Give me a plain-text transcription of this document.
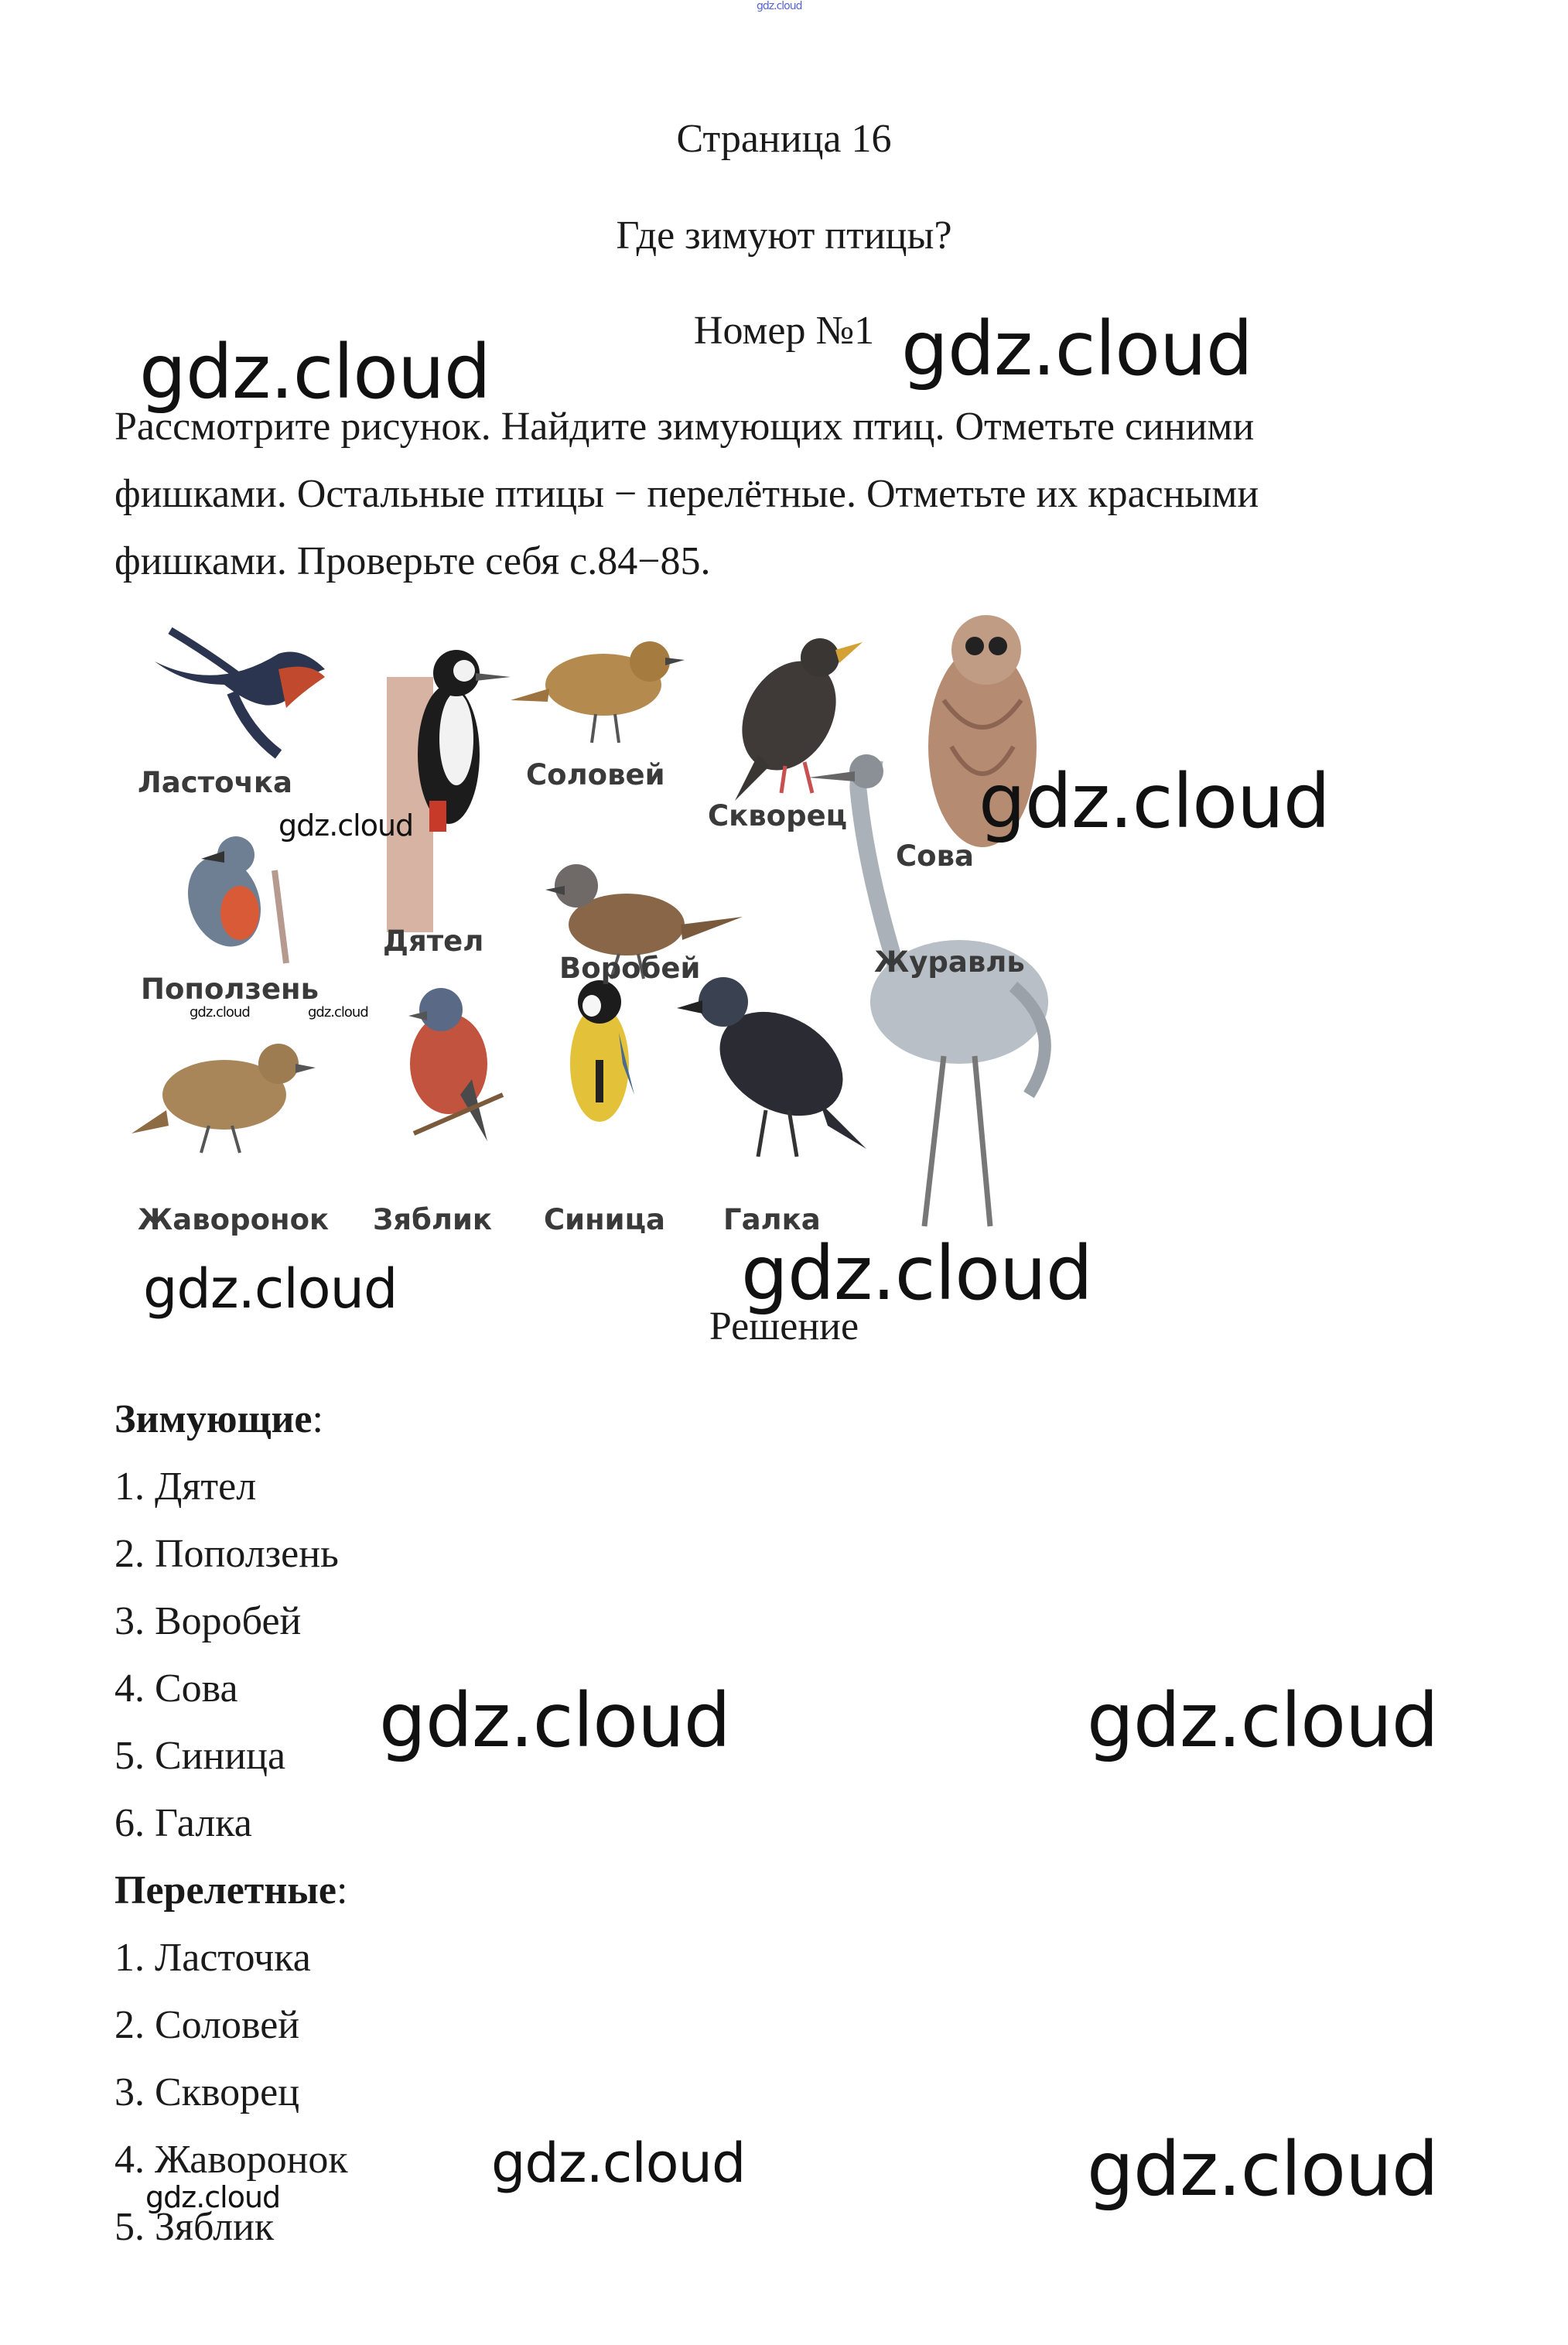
gdz.cloud
Страница 16
Где зимуют птицы?
Номер №1
Рассмотрите рисунок. Найдите зимующих птиц. Отметьте синими
фишками. Остальные птицы − перелётные. Отметьте их красными
фишками. Проверьте себя с.84−85.
Ласточка	Соловей
Скворец
Сова
Дятел
Воробей	Журавль
Поползень
Жаворонок Зяблик Синица Галка
Решение
Зимующие:
1. Дятел
2. Поползень
3. Воробей
4. Сова
5. Синица
6. Галка
Перелетные:
1. Ласточка
2. Соловей
3. Скворец
4. Жаворонок
5. Зяблик
gdz.cloud	gdz.cloud
gdz.cloud	gdz.cloud
gdz.cloud	gdz.cloud
gdz.cloud	gdz.cloud
gdz.cloud	gdz.cloud
gdz.cloud	gdz.cloud
gdz.cloud
